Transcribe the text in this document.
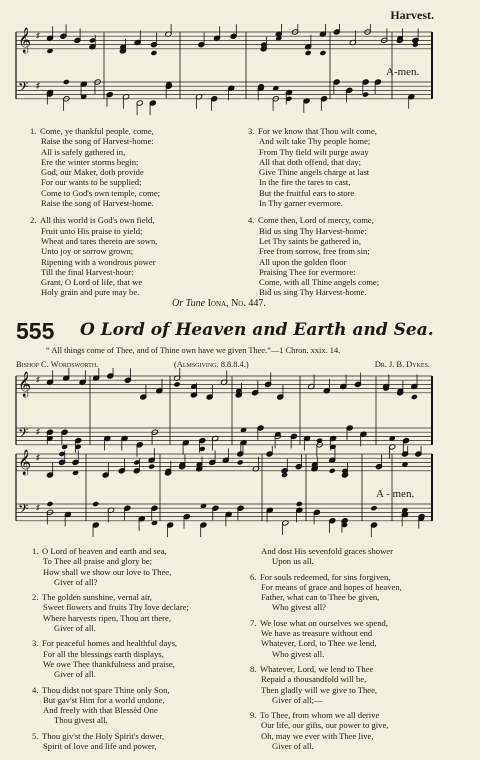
Harvest.
𝄞 ♯
𝄢 ♯
A-men.
1. Come, ye thankful people, come,
Raise the song of Harvest-home:
All is safely gathered in,
Ere the winter storms begin;
God, our Maker, doth provide
For our wants to be supplied;
Come to God's own temple, come;
Raise the song of Harvest-home.
2. All this world is God's own field,
Fruit unto His praise to yield;
Wheat and tares therein are sown,
Unto joy or sorrow grown;
Ripening with a wondrous power
Till the final Harvest-hour:
Grant, O Lord of life, that we
Holy grain and pure may be.
3. For we know that Thou wilt come,
And wilt take Thy people home;
From Thy field wilt purge away
All that doth offend, that day;
Give Thine angels charge at last
In the fire the tares to cast,
But the fruitful ears to store
In Thy garner evermore.
4. Come then, Lord of mercy, come,
Bid us sing Thy Harvest-home:
Let Thy saints be gathered in,
Free from sorrow, free from sin;
All upon the golden floor
Praising Thee for evermore:
Come, with all Thine angels come;
Bid us sing Thy Harvest-home.
Or Tune Iona, No. 447.
555 O Lord of Heaven and Earth and Sea.
“ All things come of Thee, and of Thine own have we given Thee.”—1 Chron. xxix. 14.
Bishop C. Wordsworth.	(Almsgiving. 8.8.8.4.)	Dr. J. B. Dykes.
𝄞 ♯
𝄢 ♯
𝄞 ♯
𝄢 ♯
A - men.
1. O Lord of heaven and earth and sea,
To Thee all praise and glory be;
How shall we show our love to Thee,
Giver of all?
2. The golden sunshine, vernal air,
Sweet flowers and fruits Thy love declare;
Where harvests ripen, Thou art there,
Giver of all.
3. For peaceful homes and healthful days,
For all the blessings earth displays,
We owe Thee thankfulness and praise,
Giver of all.
4. Thou didst not spare Thine only Son,
But gav'st Him for a world undone,
And freely with that Blessèd One
Thou givest all.
5. Thou giv'st the Holy Spirit's dower,
Spirit of love and life and power,
And dost His sevenfold graces shower
Upon us all.
6. For souls redeemed, for sins forgiven,
For means of grace and hopes of heaven,
Father, what can to Thee be given,
Who givest all?
7. We lose what on ourselves we spend,
We have as treasure without end
Whatever, Lord, to Thee we lend,
Who givest all.
8. Whatever, Lord, we lend to Thee
Repaid a thousandfold will be,
Then gladly will we give to Thee,
Giver of all;—
9. To Thee, from whom we all derive
Our life, our gifts, our power to give,
Oh, may we ever with Thee live,
Giver of all.
